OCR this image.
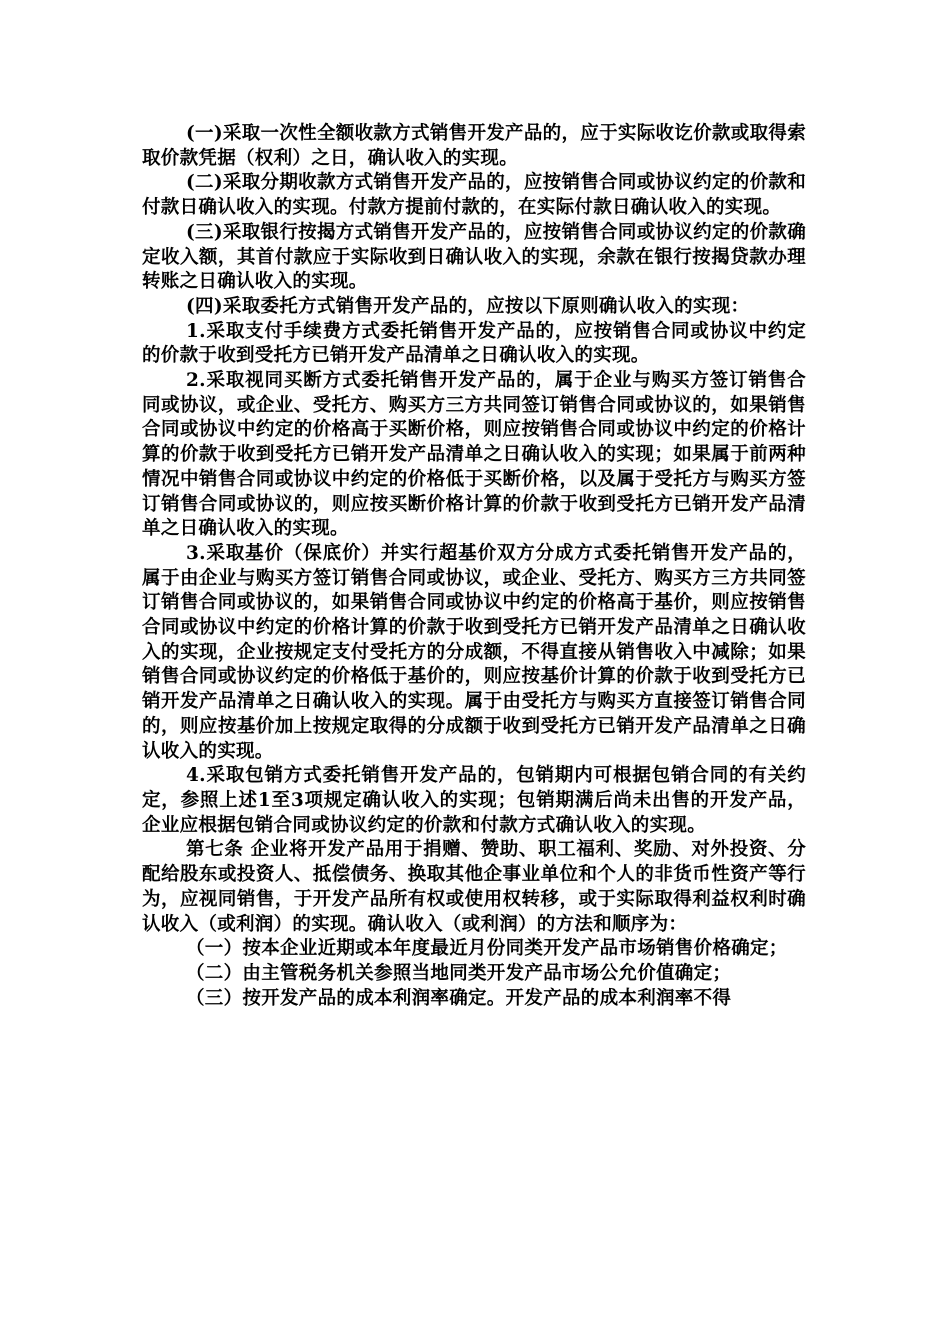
(一)采取一次性全额收款方式销售开发产品的，应于实际收讫价款或取得索取价款凭据（权利）之日，确认收入的实现。

(二)采取分期收款方式销售开发产品的，应按销售合同或协议约定的价款和付款日确认收入的实现。付款方提前付款的，在实际付款日确认收入的实现。

(三)采取银行按揭方式销售开发产品的，应按销售合同或协议约定的价款确定收入额，其首付款应于实际收到日确认收入的实现，余款在银行按揭贷款办理转账之日确认收入的实现。

(四)采取委托方式销售开发产品的，应按以下原则确认收入的实现：

1.采取支付手续费方式委托销售开发产品的，应按销售合同或协议中约定的价款于收到受托方已销开发产品清单之日确认收入的实现。

2.采取视同买断方式委托销售开发产品的，属于企业与购买方签订销售合同或协议，或企业、受托方、购买方三方共同签订销售合同或协议的，如果销售合同或协议中约定的价格高于买断价格，则应按销售合同或协议中约定的价格计算的价款于收到受托方已销开发产品清单之日确认收入的实现；如果属于前两种情况中销售合同或协议中约定的价格低于买断价格，以及属于受托方与购买方签订销售合同或协议的，则应按买断价格计算的价款于收到受托方已销开发产品清单之日确认收入的实现。

3.采取基价（保底价）并实行超基价双方分成方式委托销售开发产品的，属于由企业与购买方签订销售合同或协议，或企业、受托方、购买方三方共同签订销售合同或协议的，如果销售合同或协议中约定的价格高于基价，则应按销售合同或协议中约定的价格计算的价款于收到受托方已销开发产品清单之日确认收入的实现，企业按规定支付受托方的分成额，不得直接从销售收入中减除；如果销售合同或协议约定的价格低于基价的，则应按基价计算的价款于收到受托方已销开发产品清单之日确认收入的实现。属于由受托方与购买方直接签订销售合同的，则应按基价加上按规定取得的分成额于收到受托方已销开发产品清单之日确认收入的实现。

4.采取包销方式委托销售开发产品的，包销期内可根据包销合同的有关约定，参照上述1至3项规定确认收入的实现；包销期满后尚未出售的开发产品，企业应根据包销合同或协议约定的价款和付款方式确认收入的实现。

第七条 企业将开发产品用于捐赠、赞助、职工福利、奖励、对外投资、分配给股东或投资人、抵偿债务、换取其他企事业单位和个人的非货币性资产等行为，应视同销售，于开发产品所有权或使用权转移，或于实际取得利益权利时确认收入（或利润）的实现。确认收入（或利润）的方法和顺序为：

（一）按本企业近期或本年度最近月份同类开发产品市场销售价格确定；

（二）由主管税务机关参照当地同类开发产品市场公允价值确定；

（三）按开发产品的成本利润率确定。开发产品的成本利润率不得
